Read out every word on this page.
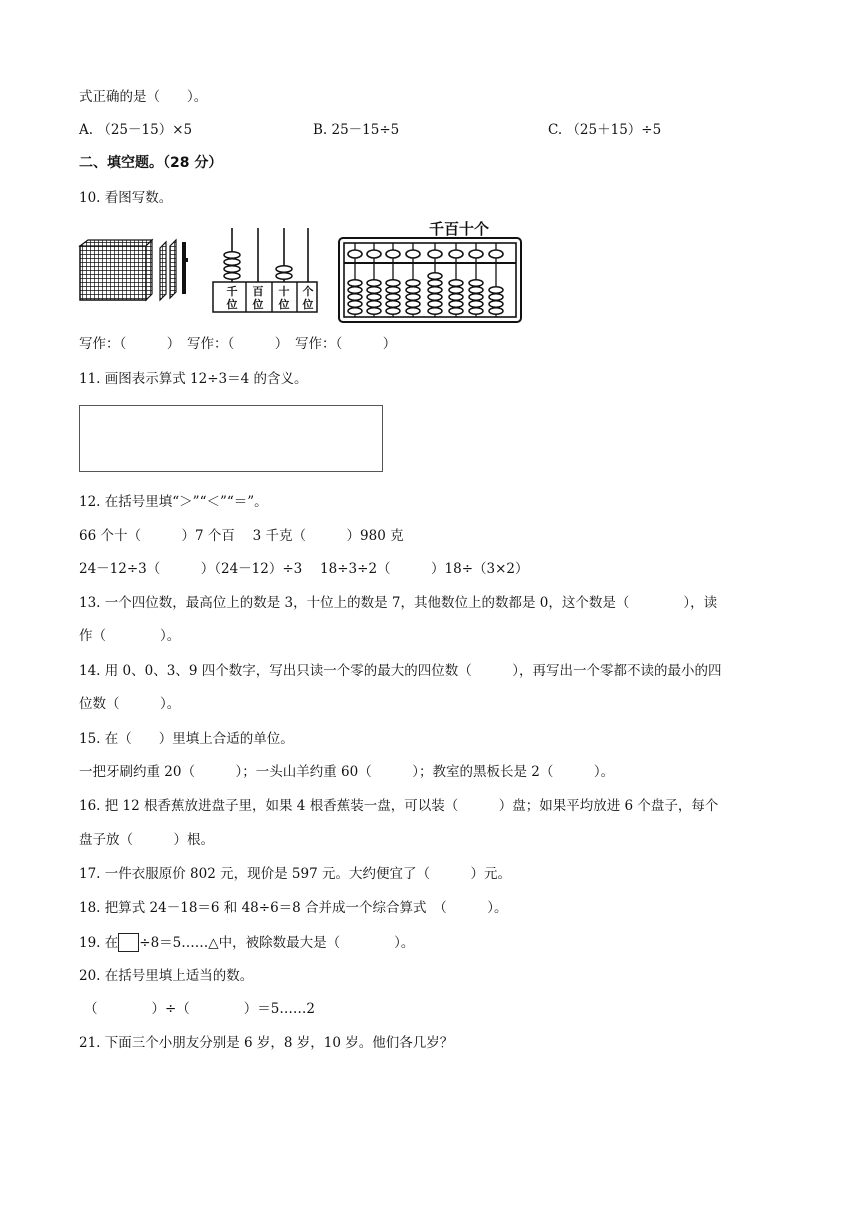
式正确的是（　　）。
A. （25－15）×5	B. 25－15÷5	C. （25＋15）÷5
二、填空题。（28 分）
10. 看图写数。
千
位
百
位
十
位
个
位
千百十个
写作：（　　　）　写作：（　　　）　写作：（　　　）
11. 画图表示算式 12÷3＝4 的含义。
12. 在括号里填“＞”“＜”“＝”。
66 个十（　　　）7 个百　 3 千克（　　　）980 克
24－12÷3（　　　）（24－12）÷3　 18÷3÷2（　　　）18÷（3×2）
13. 一个四位数，最高位上的数是 3，十位上的数是 7，其他数位上的数都是 0，这个数是（　　　　），读
作（　　　　）。
14. 用 0、0、3、9 四个数字，写出只读一个零的最大的四位数（　　　），再写出一个零都不读的最小的四
位数（　　　）。
15. 在（　　）里填上合适的单位。
一把牙刷约重 20（　　　）；一头山羊约重 60（　　　）；教室的黑板长是 2（　　　）。
16. 把 12 根香蕉放进盘子里，如果 4 根香蕉装一盘，可以装（　　　）盘；如果平均放进 6 个盘子，每个
盘子放（　　　）根。
17. 一件衣服原价 802 元，现价是 597 元。大约便宜了（　　　）元。
18. 把算式 24－18＝6 和 48÷6＝8 合并成一个综合算式　（　　　）。
19. 在 ÷8＝5……△中，被除数最大是（　　　　）。
20. 在括号里填上适当的数。
（　　　　）÷（　　　　）＝5……2
21. 下面三个小朋友分别是 6 岁，8 岁，10 岁。他们各几岁？
